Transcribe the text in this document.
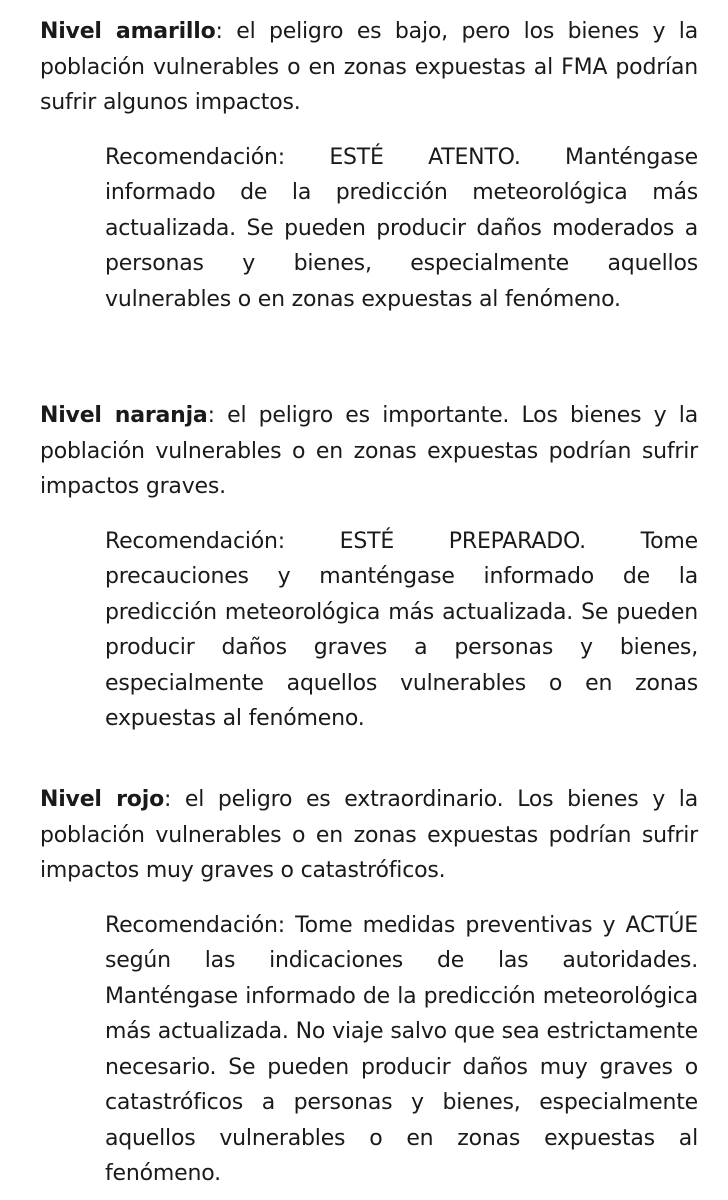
Nivel amarillo: el peligro es bajo, pero los bienes y la población vulnerables o en zonas expuestas al FMA podrían sufrir algunos impactos.

Recomendación: ESTÉ ATENTO. Manténgase informado de la predicción meteorológica más actualizada. Se pueden producir daños moderados a personas y bienes, especialmente aquellos vulnerables o en zonas expuestas al fenómeno.

Nivel naranja: el peligro es importante. Los bienes y la población vulnerables o en zonas expuestas podrían sufrir impactos graves.

Recomendación: ESTÉ PREPARADO. Tome precauciones y manténgase informado de la predicción meteorológica más actualizada. Se pueden producir daños graves a personas y bienes, especialmente aquellos vulnerables o en zonas expuestas al fenómeno.

Nivel rojo: el peligro es extraordinario. Los bienes y la población vulnerables o en zonas expuestas podrían sufrir impactos muy graves o catastróficos.

Recomendación: Tome medidas preventivas y ACTÚE según las indicaciones de las autoridades. Manténgase informado de la predicción meteorológica más actualizada. No viaje salvo que sea estrictamente necesario. Se pueden producir daños muy graves o catastróficos a personas y bienes, especialmente aquellos vulnerables o en zonas expuestas al fenómeno.
